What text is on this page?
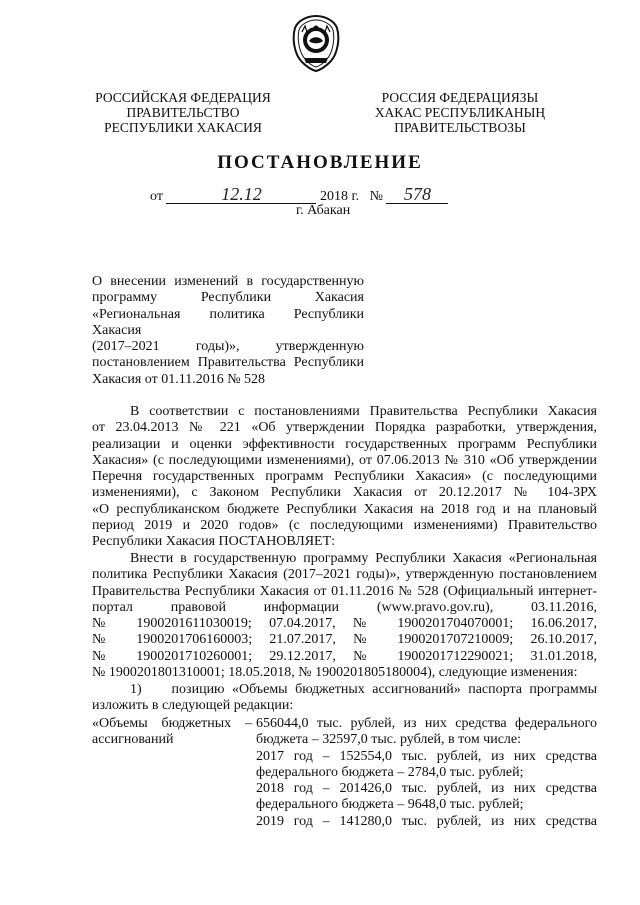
РОССИЙСКАЯ ФЕДЕРАЦИЯ
ПРАВИТЕЛЬСТВО
РЕСПУБЛИКИ ХАКАСИЯ
РОССИЯ ФЕДЕРАЦИЯЗЫ
ХАКАС РЕСПУБЛИКАНЫҢ
ПРАВИТЕЛЬСТВОЗЫ
ПОСТАНОВЛЕНИЕ
от	12.12	2018 г. № 578
г. Абакан
О внесении изменений в государственную
программу Республики Хакасия
«Региональная политика Республики Хакасия
(2017–2021 годы)», утвержденную
постановлением Правительства Республики
Хакасия от 01.11.2016 № 528
В соответствии с постановлениями Правительства Республики Хакасия
от 23.04.2013 № 221 «Об утверждении Порядка разработки, утверждения,
реализации и оценки эффективности государственных программ Республики
Хакасия» (с последующими изменениями), от 07.06.2013 № 310 «Об утверждении
Перечня государственных программ Республики Хакасия» (с последующими
изменениями), с Законом Республики Хакасия от 20.12.2017 № 104-ЗРХ
«О республиканском бюджете Республики Хакасия на 2018 год и на плановый
период 2019 и 2020 годов» (с последующими изменениями) Правительство
Республики Хакасия ПОСТАНОВЛЯЕТ:
Внести в государственную программу Республики Хакасия «Региональная
политика Республики Хакасия (2017–2021 годы)», утвержденную постановлением
Правительства Республики Хакасия от 01.11.2016 № 528 (Официальный интернет-
портал правовой информации (www.pravo.gov.ru), 03.11.2016,
№ 1900201611030019; 07.04.2017, № 1900201704070001; 16.06.2017,
№ 1900201706160003; 21.07.2017, № 1900201707210009; 26.10.2017,
№ 1900201710260001; 29.12.2017, № 1900201712290021; 31.01.2018,
№ 1900201801310001; 18.05.2018, № 1900201805180004), следующие изменения:
1)    позицию «Объемы бюджетных ассигнований» паспорта программы
изложить в следующей редакции:
«Объемы бюджетных –
ассигнований
656044,0 тыс. рублей, из них средства федерального
бюджета – 32597,0 тыс. рублей, в том числе:
2017 год – 152554,0 тыс. рублей, из них средства
федерального бюджета – 2784,0 тыс. рублей;
2018 год – 201426,0 тыс. рублей, из них средства
федерального бюджета – 9648,0 тыс. рублей;
2019 год – 141280,0 тыс. рублей, из них средства
